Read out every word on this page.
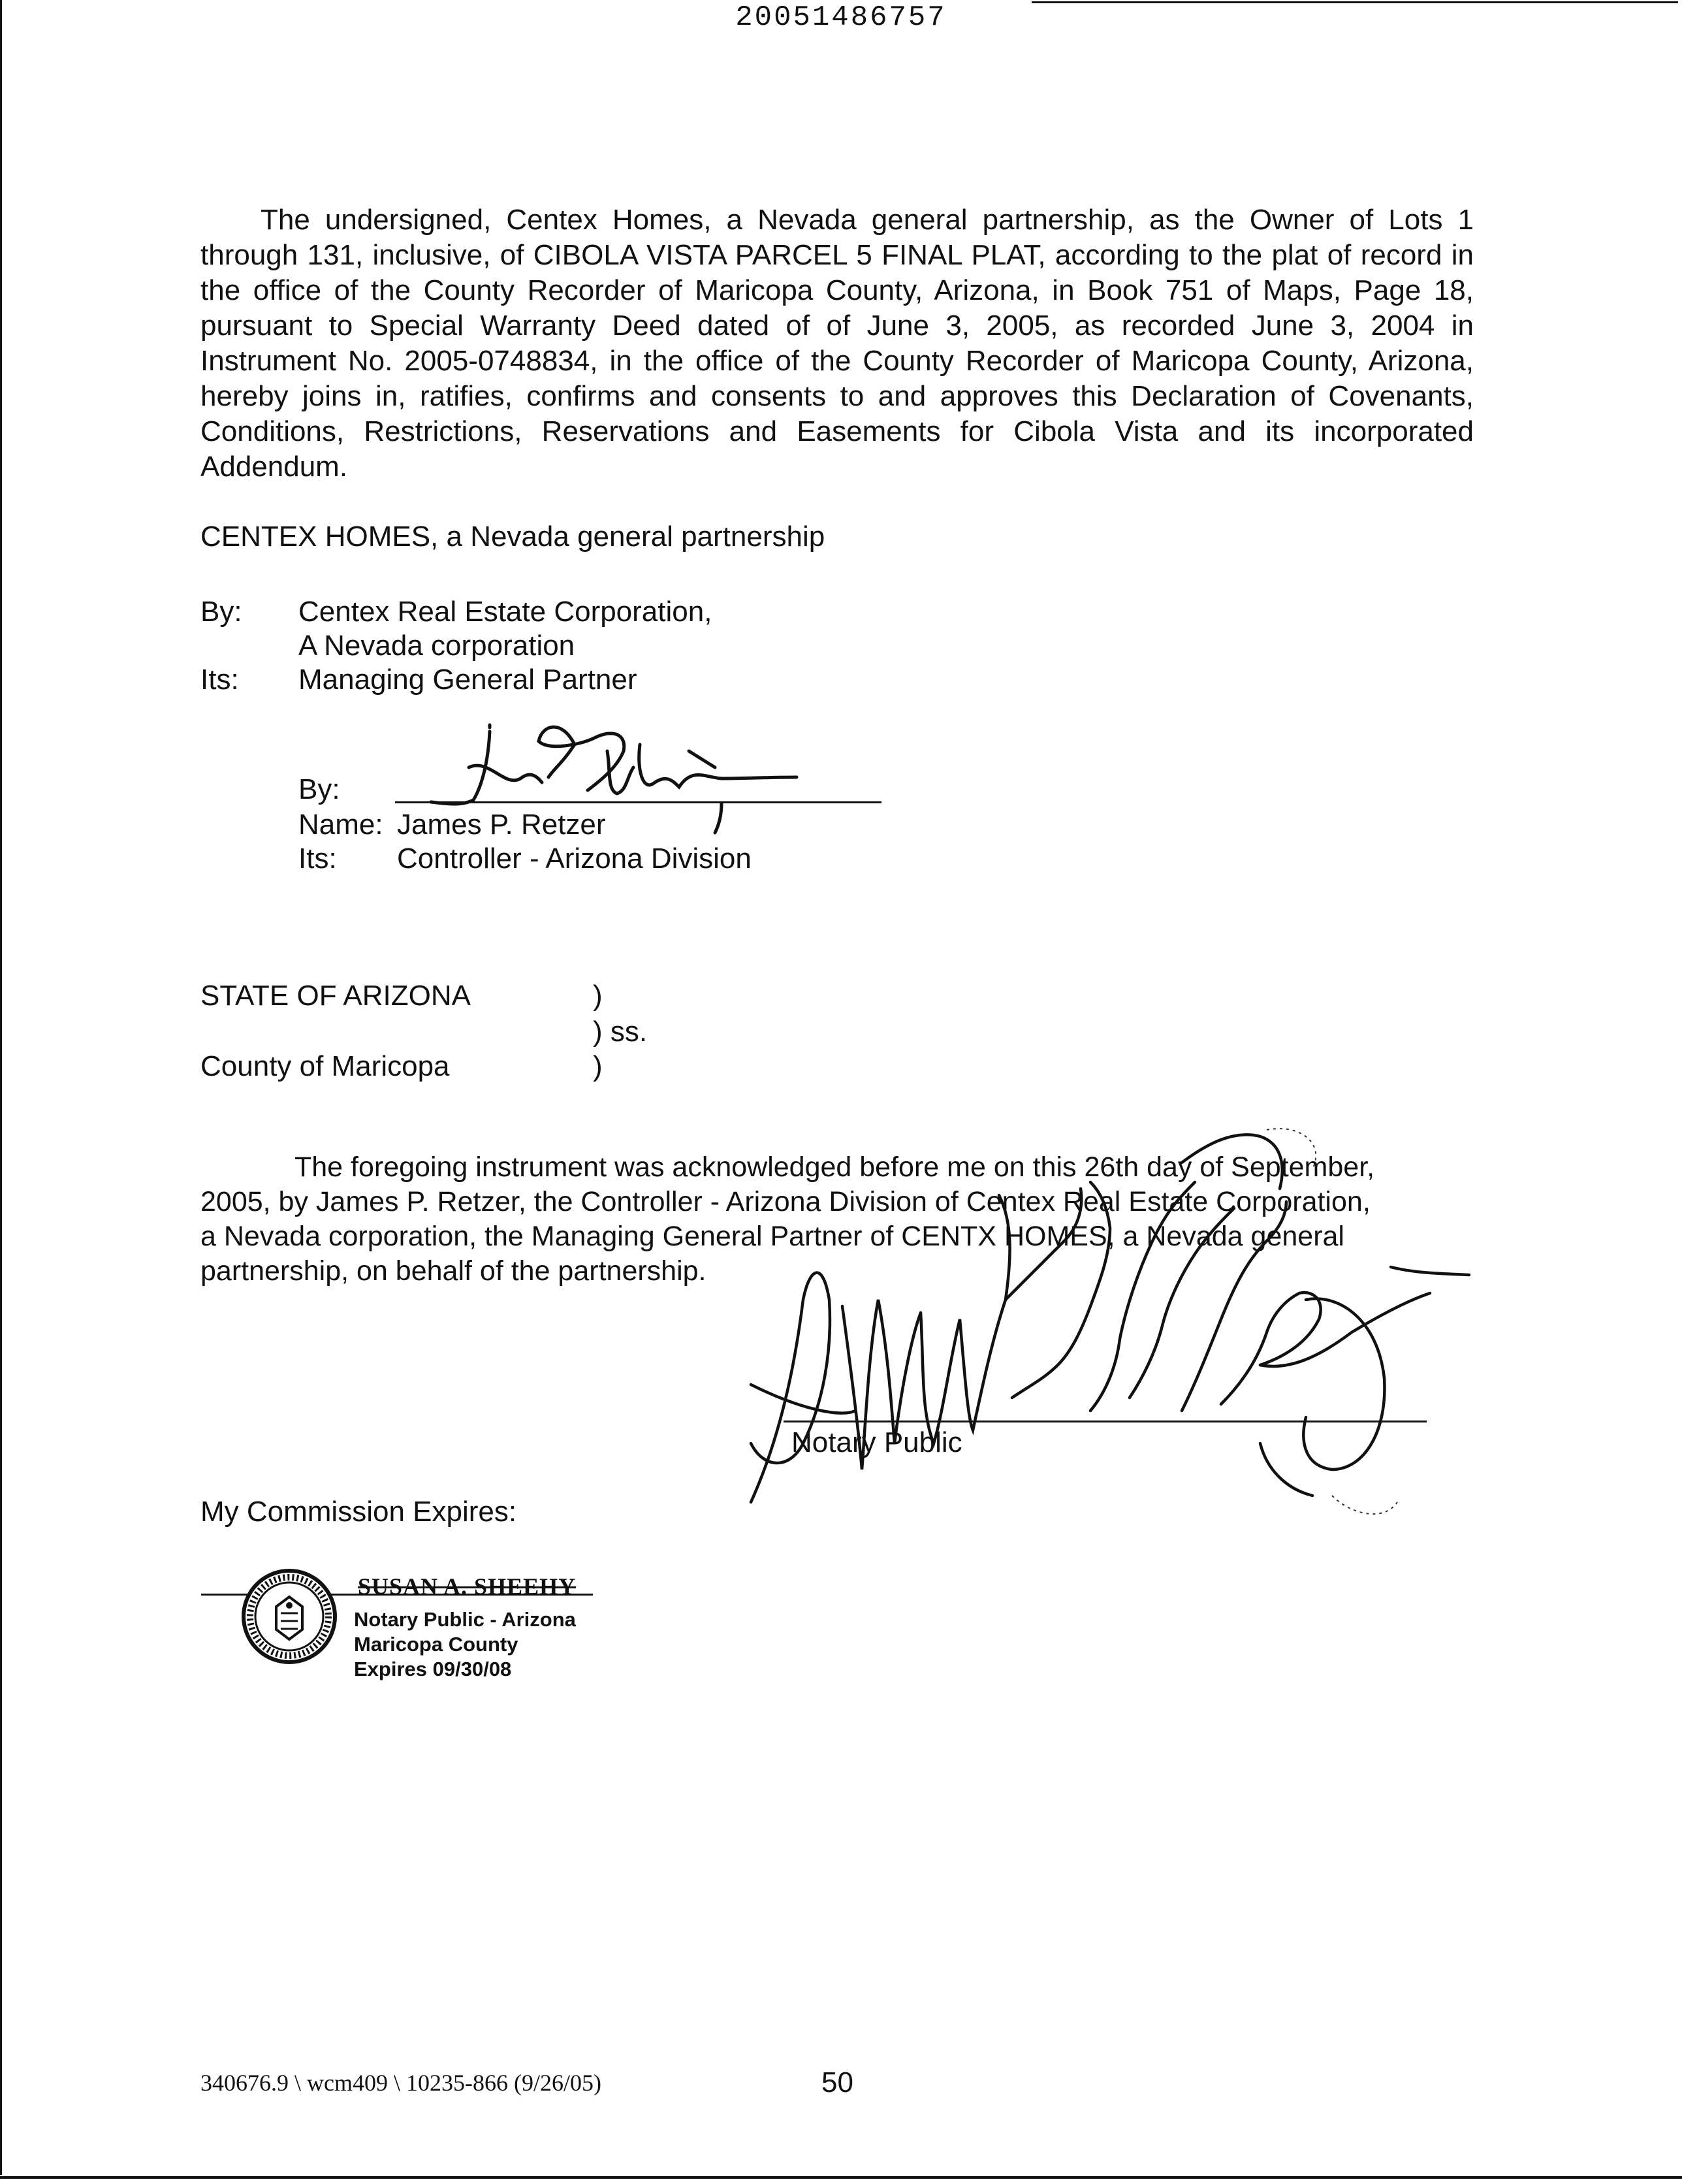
20051486757
The undersigned, Centex Homes, a Nevada general partnership, as the Owner of Lots 1 through 131, inclusive, of CIBOLA VISTA PARCEL 5 FINAL PLAT, according to the plat of record in the office of the County Recorder of Maricopa County, Arizona, in Book 751 of Maps, Page 18, pursuant to Special Warranty Deed dated of of June 3, 2005, as recorded June 3, 2004 in Instrument No. 2005-0748834, in the office of the County Recorder of Maricopa County, Arizona, hereby joins in, ratifies, confirms and consents to and approves this Declaration of Covenants, Conditions, Restrictions, Reservations and Easements for Cibola Vista and its incorporated Addendum.
CENTEX HOMES, a Nevada general partnership
By: Centex Real Estate Corporation,
A Nevada corporation
Its: Managing General Partner
By:
Name: James P. Retzer
Its: Controller - Arizona Division
STATE OF ARIZONA	)
) ss.
County of Maricopa	)
The foregoing instrument was acknowledged before me on this 26th day of September,
2005, by James P. Retzer, the Controller - Arizona Division of Centex Real Estate Corporation,
a Nevada corporation, the Managing General Partner of CENTX HOMES, a Nevada general
partnership, on behalf of the partnership.
Notary Public
My Commission Expires:
SUSAN A. SHEEHY
Notary Public - Arizona
Maricopa County
Expires 09/30/08
340676.9 \ wcm409 \ 10235-866 (9/26/05)	50
